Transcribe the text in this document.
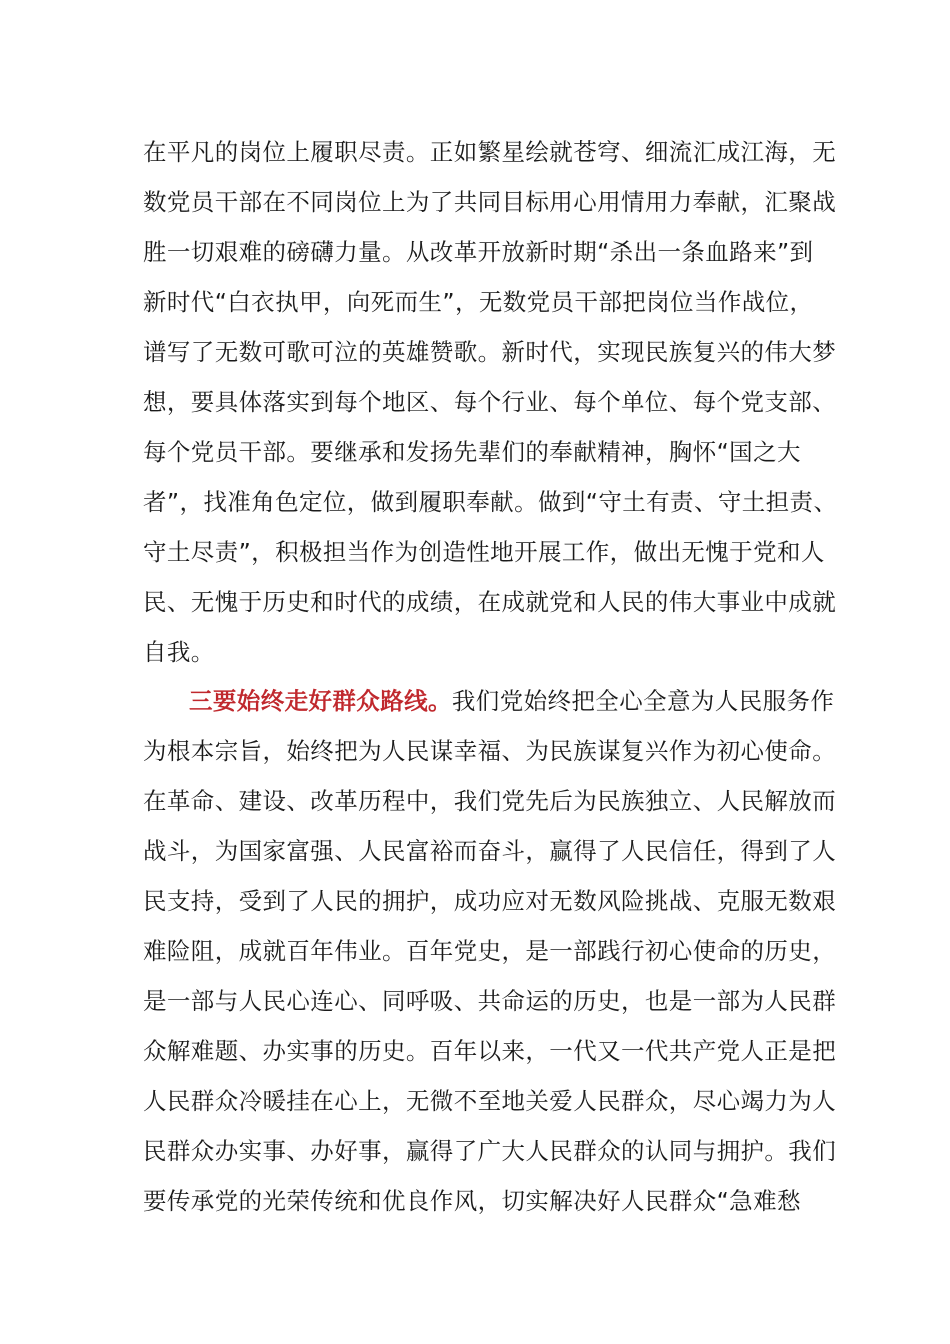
在平凡的岗位上履职尽责。正如繁星绘就苍穹、细流汇成江海，无
数党员干部在不同岗位上为了共同目标用心用情用力奉献，汇聚战
胜一切艰难的磅礴力量。从改革开放新时期“杀出一条血路来”到
新时代“白衣执甲，向死而生”，无数党员干部把岗位当作战位，
谱写了无数可歌可泣的英雄赞歌。新时代，实现民族复兴的伟大梦
想，要具体落实到每个地区、每个行业、每个单位、每个党支部、
每个党员干部。要继承和发扬先辈们的奉献精神，胸怀“国之大
者”，找准角色定位，做到履职奉献。做到“守土有责、守土担责、
守土尽责”，积极担当作为创造性地开展工作，做出无愧于党和人
民、无愧于历史和时代的成绩，在成就党和人民的伟大事业中成就
自我。

三要始终走好群众路线。我们党始终把全心全意为人民服务作
为根本宗旨，始终把为人民谋幸福、为民族谋复兴作为初心使命。
在革命、建设、改革历程中，我们党先后为民族独立、人民解放而
战斗，为国家富强、人民富裕而奋斗，赢得了人民信任，得到了人
民支持，受到了人民的拥护，成功应对无数风险挑战、克服无数艰
难险阻，成就百年伟业。百年党史，是一部践行初心使命的历史，
是一部与人民心连心、同呼吸、共命运的历史，也是一部为人民群
众解难题、办实事的历史。百年以来，一代又一代共产党人正是把
人民群众冷暖挂在心上，无微不至地关爱人民群众，尽心竭力为人
民群众办实事、办好事，赢得了广大人民群众的认同与拥护。我们
要传承党的光荣传统和优良作风，切实解决好人民群众“急难愁
